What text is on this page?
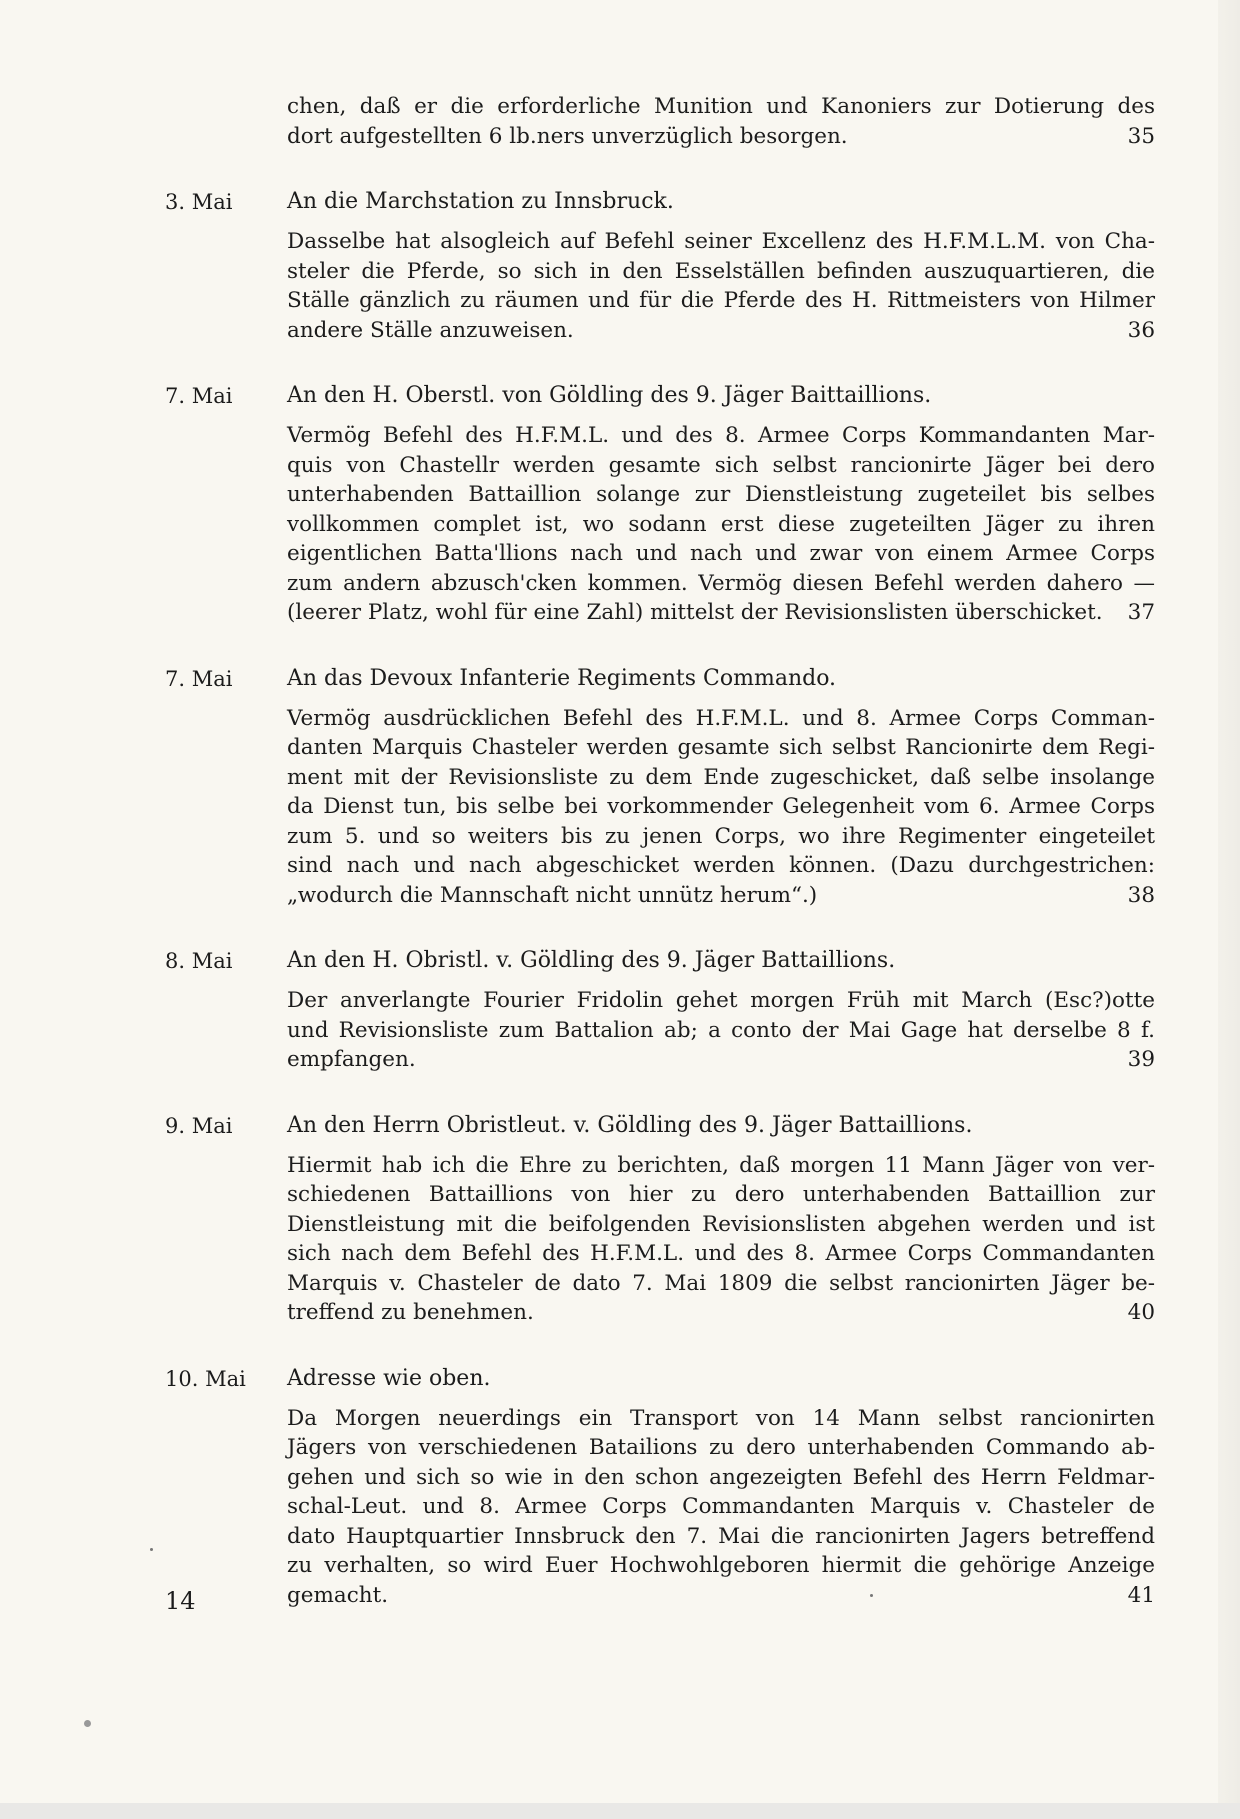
chen, daß er die erforderliche Munition und Kanoniers zur Dotierung des

dort aufgestellten 6 lb.ners unverzüglich besorgen.	35
3. Mai	An die Marchstation zu Innsbruck.

Dasselbe hat alsogleich auf Befehl seiner Excellenz des H.F.M.L.M. von Cha-

steler die Pferde, so sich in den Esselställen befinden auszuquartieren, die

Ställe gänzlich zu räumen und für die Pferde des H. Rittmeisters von Hilmer

andere Ställe anzuweisen.	36
7. Mai	An den H. Oberstl. von Göldling des 9. Jäger Baittaillions.

Vermög Befehl des H.F.M.L. und des 8. Armee Corps Kommandanten Mar-

quis von Chastellr werden gesamte sich selbst rancionirte Jäger bei dero

unterhabenden Battaillion solange zur Dienstleistung zugeteilet bis selbes

vollkommen complet ist, wo sodann erst diese zugeteilten Jäger zu ihren

eigentlichen Batta'llions nach und nach und zwar von einem Armee Corps

zum andern abzusch'cken kommen. Vermög diesen Befehl werden dahero —

(leerer Platz, wohl für eine Zahl) mittelst der Revisionslisten überschicket. 37
7. Mai	An das Devoux Infanterie Regiments Commando.

Vermög ausdrücklichen Befehl des H.F.M.L. und 8. Armee Corps Comman-

danten Marquis Chasteler werden gesamte sich selbst Rancionirte dem Regi-

ment mit der Revisionsliste zu dem Ende zugeschicket, daß selbe insolange

da Dienst tun, bis selbe bei vorkommender Gelegenheit vom 6. Armee Corps

zum 5. und so weiters bis zu jenen Corps, wo ihre Regimenter eingeteilet

sind nach und nach abgeschicket werden können. (Dazu durchgestrichen:

„wodurch die Mannschaft nicht unnütz herum“.)	38
8. Mai	An den H. Obristl. v. Göldling des 9. Jäger Battaillions.

Der anverlangte Fourier Fridolin gehet morgen Früh mit March (Esc?)otte

und Revisionsliste zum Battalion ab; a conto der Mai Gage hat derselbe 8 f.

empfangen.	39
9. Mai	An den Herrn Obristleut. v. Göldling des 9. Jäger Battaillions.

Hiermit hab ich die Ehre zu berichten, daß morgen 11 Mann Jäger von ver-

schiedenen Battaillions von hier zu dero unterhabenden Battaillion zur

Dienstleistung mit die beifolgenden Revisionslisten abgehen werden und ist

sich nach dem Befehl des H.F.M.L. und des 8. Armee Corps Commandanten

Marquis v. Chasteler de dato 7. Mai 1809 die selbst rancionirten Jäger be-

treffend zu benehmen.	40
10. Mai	Adresse wie oben.

Da Morgen neuerdings ein Transport von 14 Mann selbst rancionirten

Jägers von verschiedenen Batailions zu dero unterhabenden Commando ab-

gehen und sich so wie in den schon angezeigten Befehl des Herrn Feldmar-

schal-Leut. und 8. Armee Corps Commandanten Marquis v. Chasteler de

dato Hauptquartier Innsbruck den 7. Mai die rancionirten Jagers betreffend

zu verhalten, so wird Euer Hochwohlgeboren hiermit die gehörige Anzeige

gemacht.	41
14
